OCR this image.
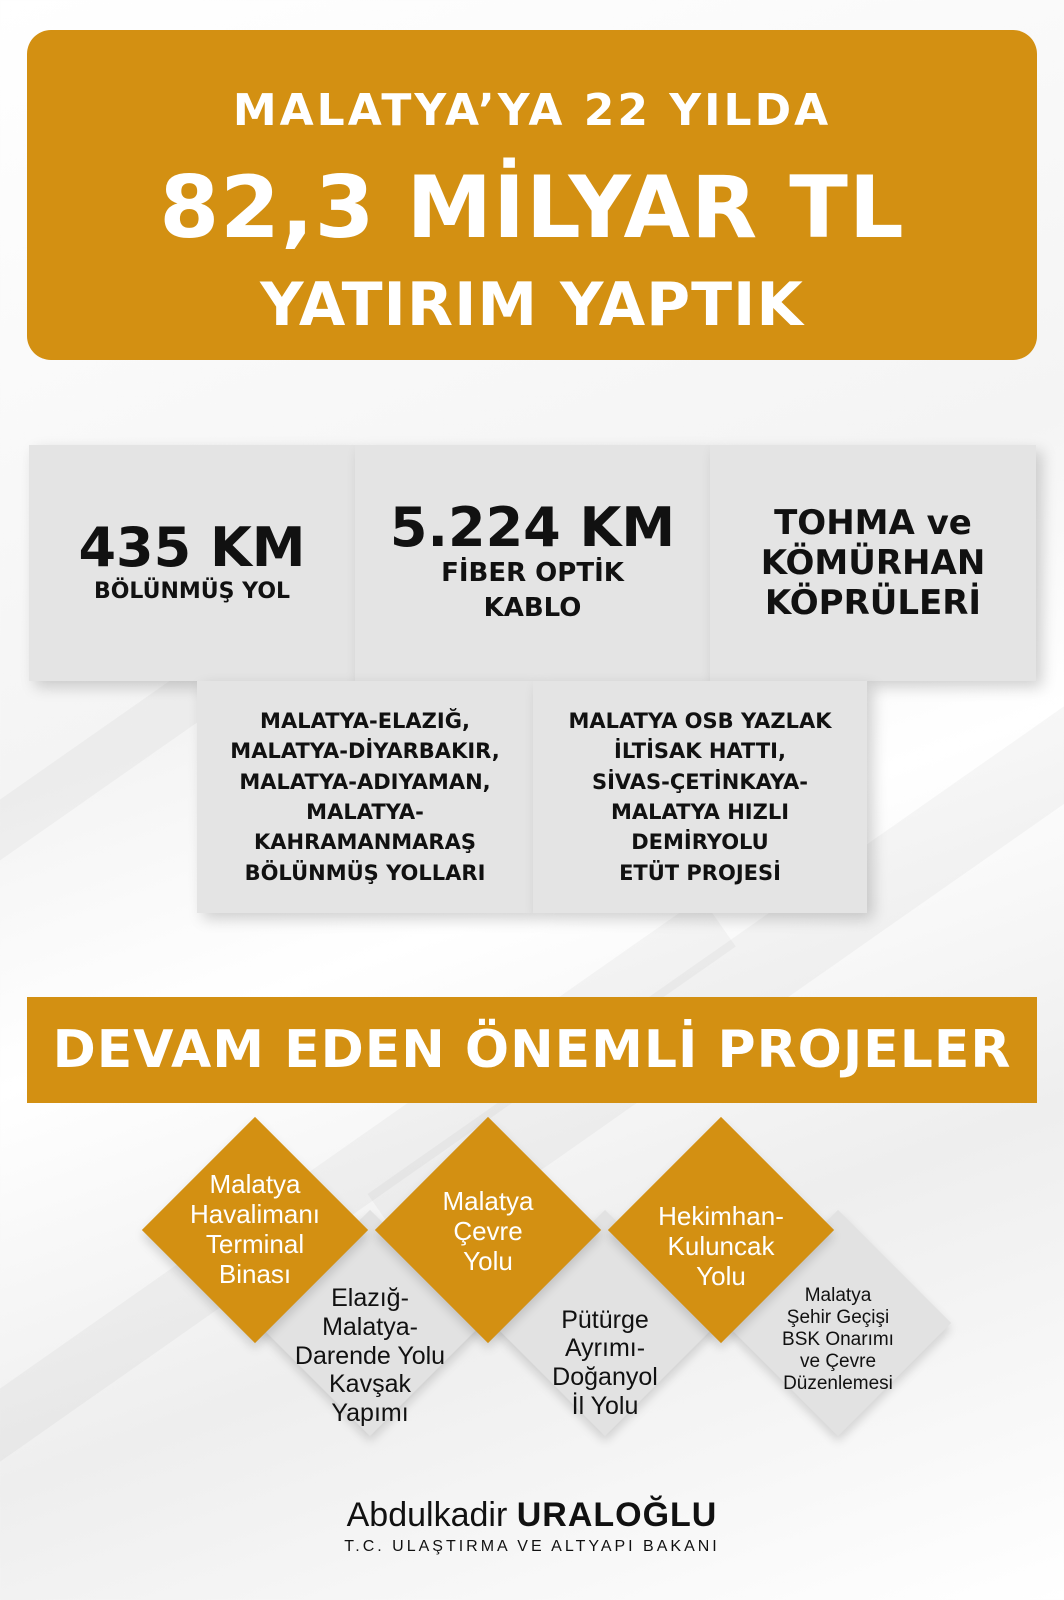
MALATYA’YA 22 YILDA
82,3 MİLYAR TL
YATIRIM YAPTIK
435 KM
BÖLÜNMÜŞ YOL
5.224 KM
FİBER OPTİK
KABLO
TOHMA ve
KÖMÜRHAN
KÖPRÜLERİ
MALATYA-ELAZIĞ,
MALATYA-DİYARBAKIR,
MALATYA-ADIYAMAN,
MALATYA-
KAHRAMANMARAŞ
BÖLÜNMÜŞ YOLLARI
MALATYA OSB YAZLAK
İLTİSAK HATTI,
SİVAS-ÇETİNKAYA-
MALATYA HIZLI
DEMİRYOLU
ETÜT PROJESİ
DEVAM EDEN ÖNEMLİ PROJELER
Malatya
Havalimanı
Terminal
Binası
Malatya
Çevre
Yolu
Hekimhan-
Kuluncak
Yolu
Elazığ-
Malatya-
Darende Yolu
Kavşak
Yapımı
Pütürge
Ayrımı-
Doğanyol
İl Yolu
Malatya
Şehir Geçişi
BSK Onarımı
ve Çevre
Düzenlemesi
Abdulkadir URALOĞLU
T.C. ULAŞTIRMA VE ALTYAPI BAKANI
